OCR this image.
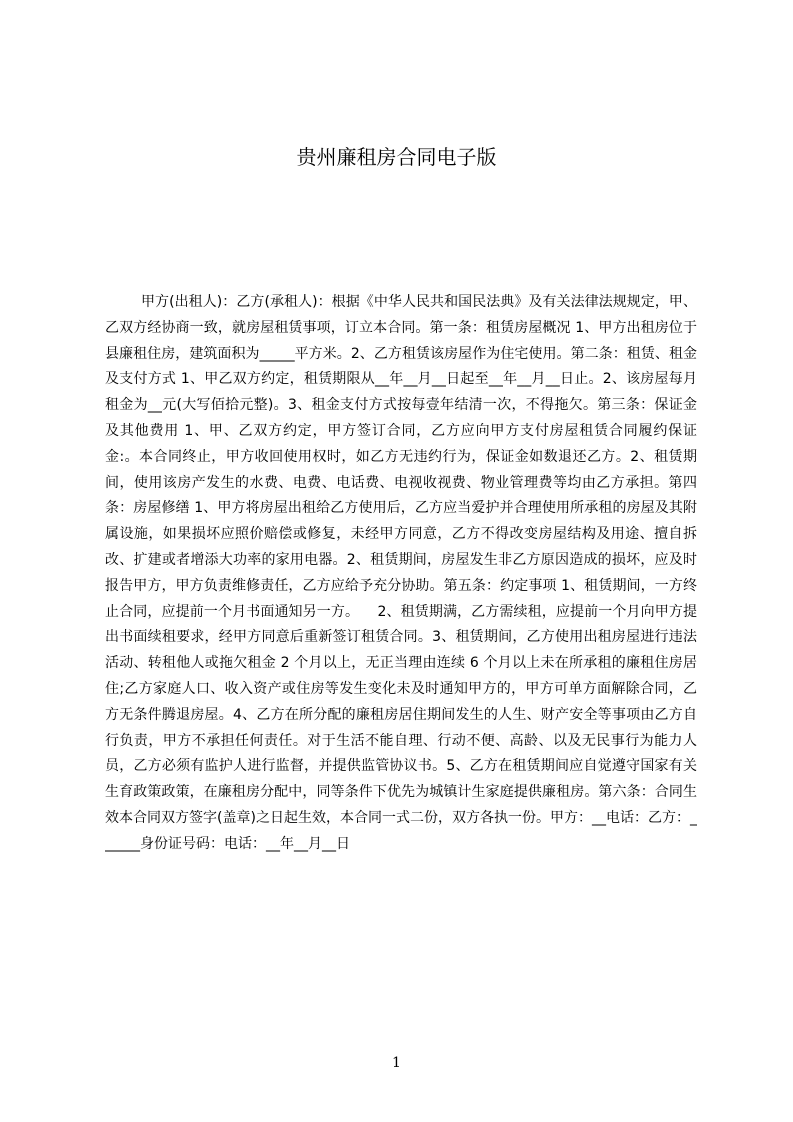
贵州廉租房合同电子版

甲方(出租人)：乙方(承租人)：根据《中华人民共和国民法典》及有关法律法规规定，甲、乙双方经协商一致，就房屋租赁事项，订立本合同。第一条：租赁房屋概况 1、甲方出租房位于县廉租住房，建筑面积为_____平方米。2、乙方租赁该房屋作为住宅使用。第二条：租赁、租金及支付方式 1、甲乙双方约定，租赁期限从__年__月__日起至__年__月__日止。2、该房屋每月租金为__元(大写佰拾元整)。3、租金支付方式按每壹年结清一次，不得拖欠。第三条：保证金及其他费用 1、甲、乙双方约定，甲方签订合同，乙方应向甲方支付房屋租赁合同履约保证金:。本合同终止，甲方收回使用权时，如乙方无违约行为，保证金如数退还乙方。2、租赁期间，使用该房产发生的水费、电费、电话费、电视收视费、物业管理费等均由乙方承担。第四条：房屋修缮 1、甲方将房屋出租给乙方使用后，乙方应当爱护并合理使用所承租的房屋及其附属设施，如果损坏应照价赔偿或修复，未经甲方同意，乙方不得改变房屋结构及用途、擅自拆改、扩建或者增添大功率的家用电器。2、租赁期间，房屋发生非乙方原因造成的损坏，应及时报告甲方，甲方负责维修责任，乙方应给予充分协助。第五条：约定事项 1、租赁期间，一方终止合同，应提前一个月书面通知另一方。    2、租赁期满，乙方需续租，应提前一个月向甲方提出书面续租要求，经甲方同意后重新签订租赁合同。3、租赁期间，乙方使用出租房屋进行违法活动、转租他人或拖欠租金 2 个月以上，无正当理由连续 6 个月以上未在所承租的廉租住房居住;乙方家庭人口、收入资产或住房等发生变化未及时通知甲方的，甲方可单方面解除合同，乙方无条件腾退房屋。4、乙方在所分配的廉租房居住期间发生的人生、财产安全等事项由乙方自行负责，甲方不承担任何责任。对于生活不能自理、行动不便、高龄、以及无民事行为能力人员，乙方必须有监护人进行监督，并提供监管协议书。5、乙方在租赁期间应自觉遵守国家有关生育政策政策，在廉租房分配中，同等条件下优先为城镇计生家庭提供廉租房。第六条：合同生效本合同双方签字(盖章)之日起生效，本合同一式二份，双方各执一份。甲方：__电话：乙方：______身份证号码：电话：__年__月__日

1
